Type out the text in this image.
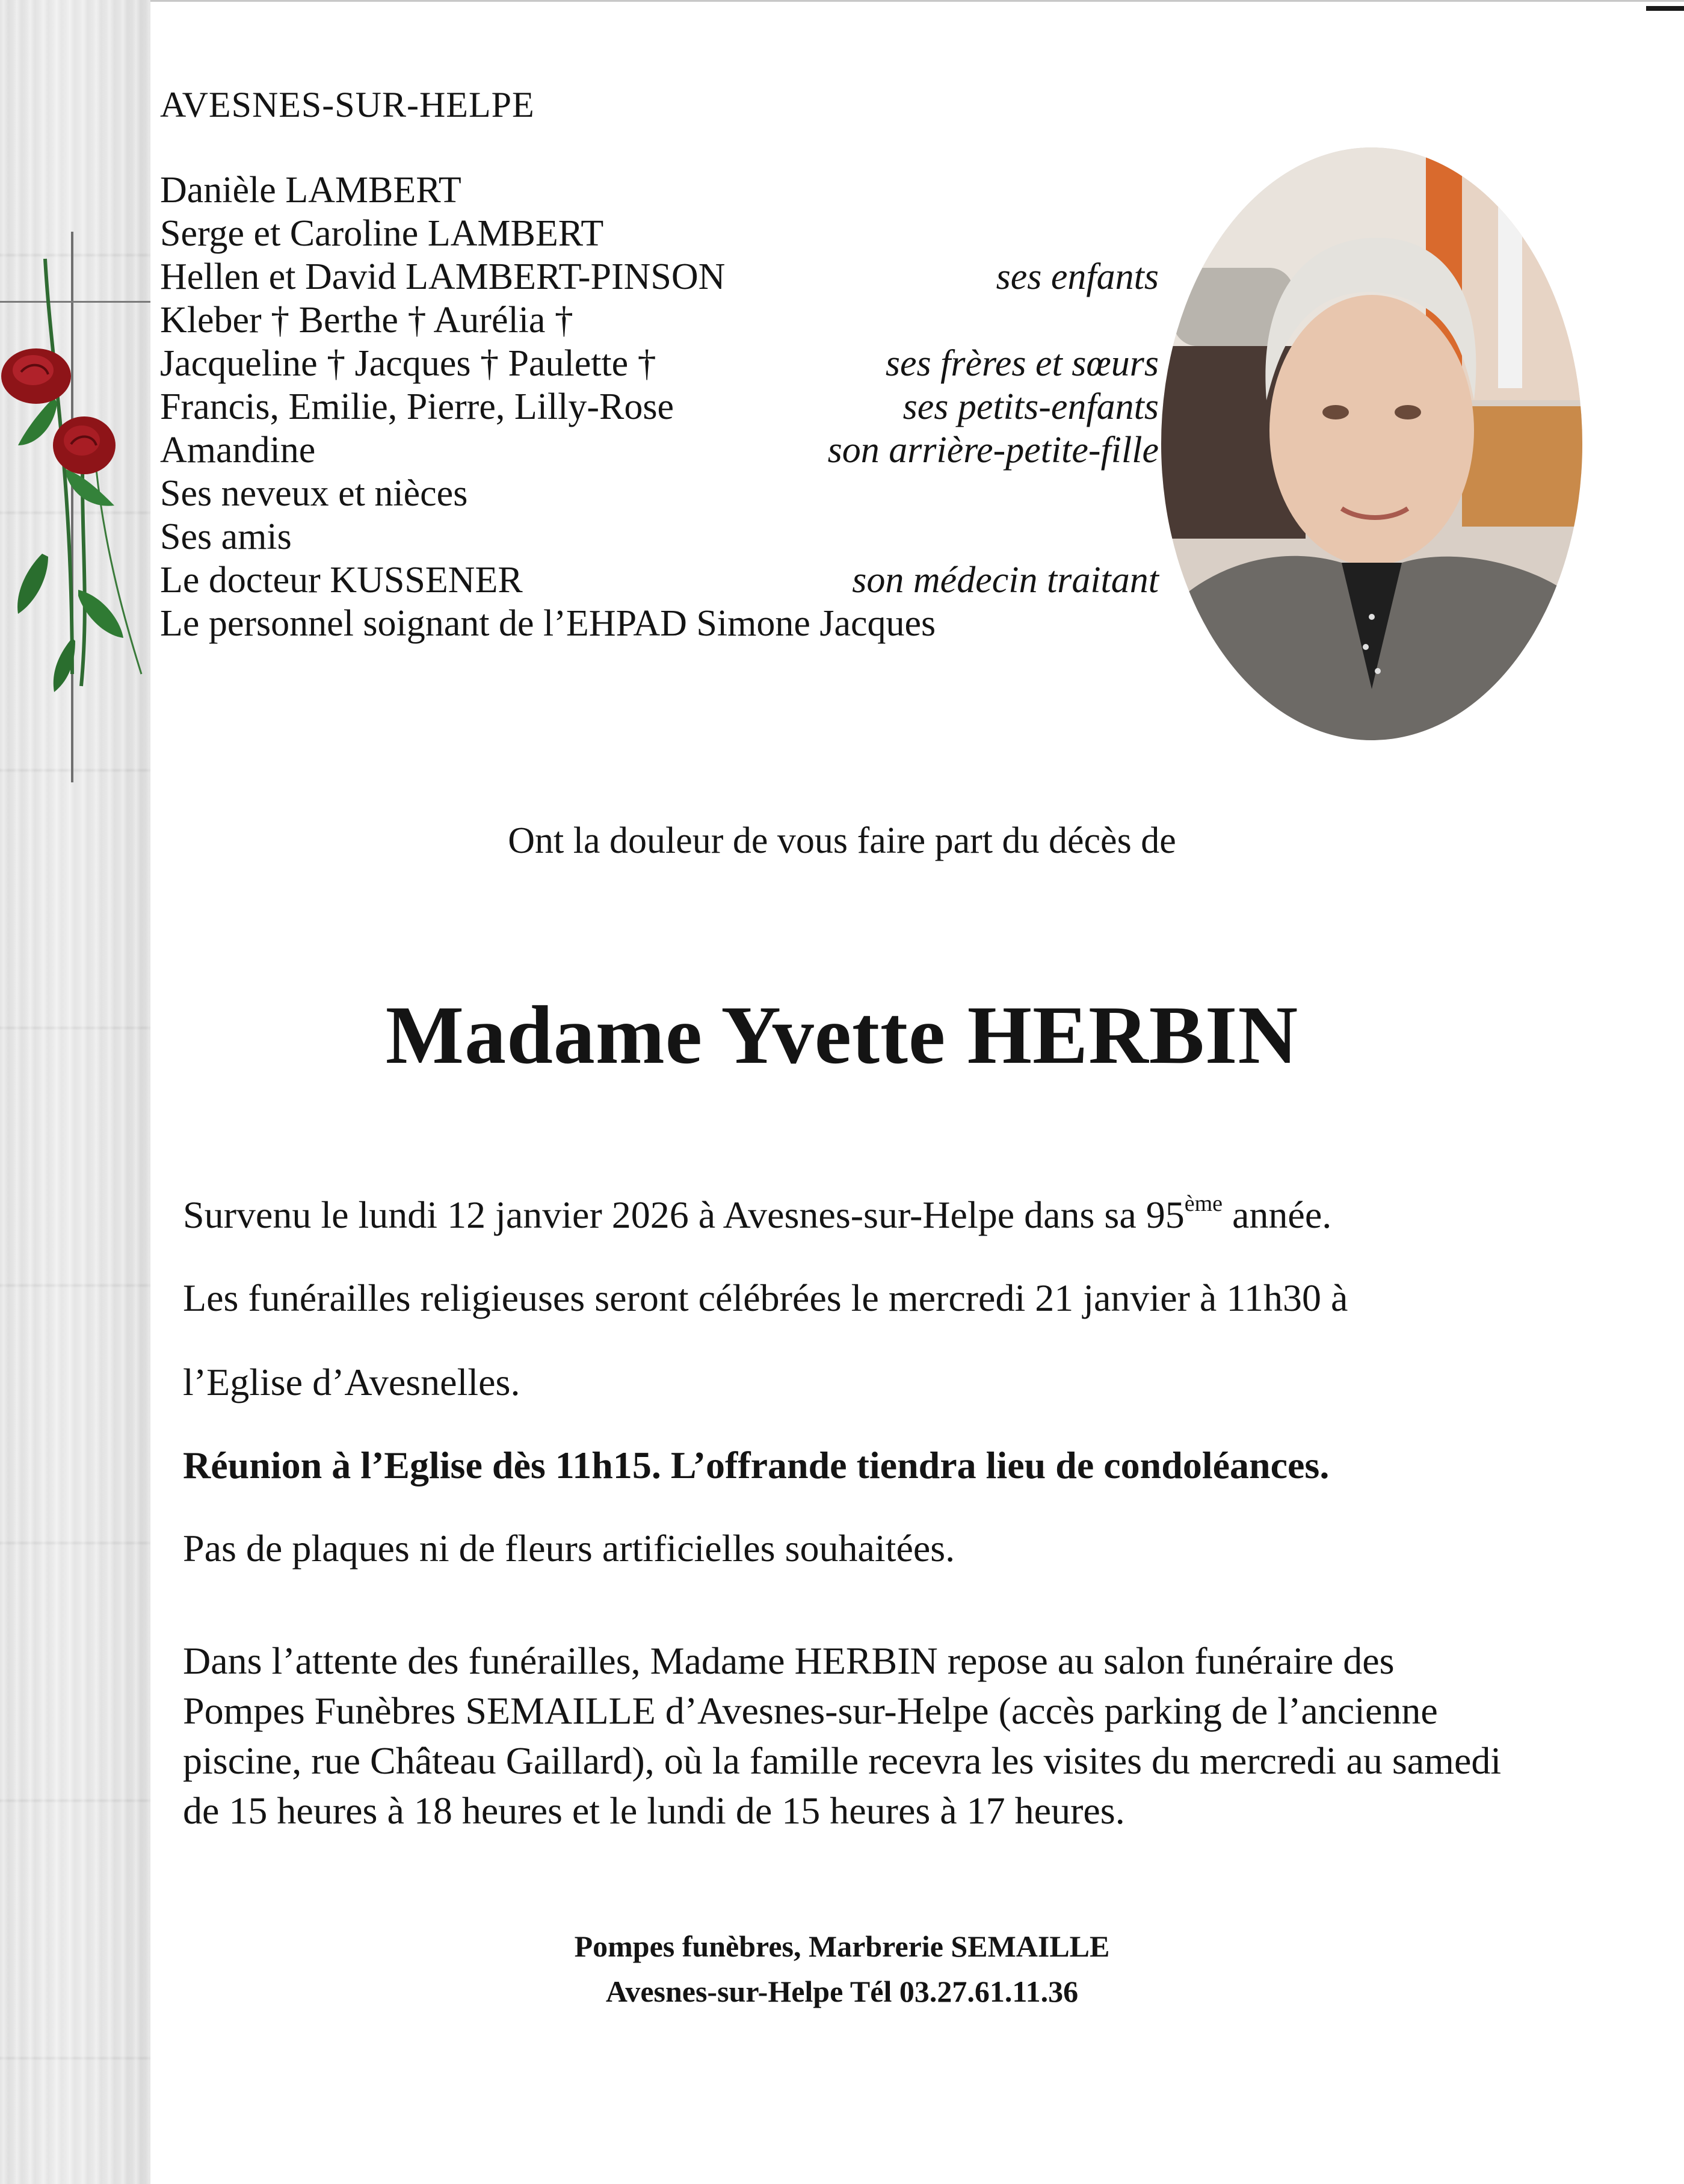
AVESNES-SUR-HELPE
Danièle LAMBERT
Serge et Caroline LAMBERT
Hellen et David LAMBERT-PINSON	ses enfants
Kleber † Berthe † Aurélia †
Jacqueline † Jacques † Paulette †	ses frères et sœurs
Francis, Emilie, Pierre, Lilly-Rose	ses petits-enfants
Amandine	son arrière-petite-fille
Ses neveux et nièces
Ses amis
Le docteur KUSSENER	son médecin traitant
Le personnel soignant de l’EHPAD Simone Jacques
Ont la douleur de vous faire part du décès de
Madame Yvette HERBIN
Survenu le lundi 12 janvier 2026 à Avesnes-sur-Helpe dans sa 95ème année.
Les funérailles religieuses seront célébrées le mercredi 21 janvier à 11h30 à
l’Eglise d’Avesnelles.
Réunion à l’Eglise dès 11h15. L’offrande tiendra lieu de condoléances.
Pas de plaques ni de fleurs artificielles souhaitées.
Dans l’attente des funérailles, Madame HERBIN repose au salon funéraire des Pompes Funèbres SEMAILLE d’Avesnes-sur-Helpe (accès parking de l’ancienne piscine, rue Château Gaillard), où la famille recevra les visites du mercredi au samedi de 15 heures à 18 heures et le lundi de 15 heures à 17 heures.
Pompes funèbres, Marbrerie SEMAILLE
Avesnes-sur-Helpe Tél 03.27.61.11.36
